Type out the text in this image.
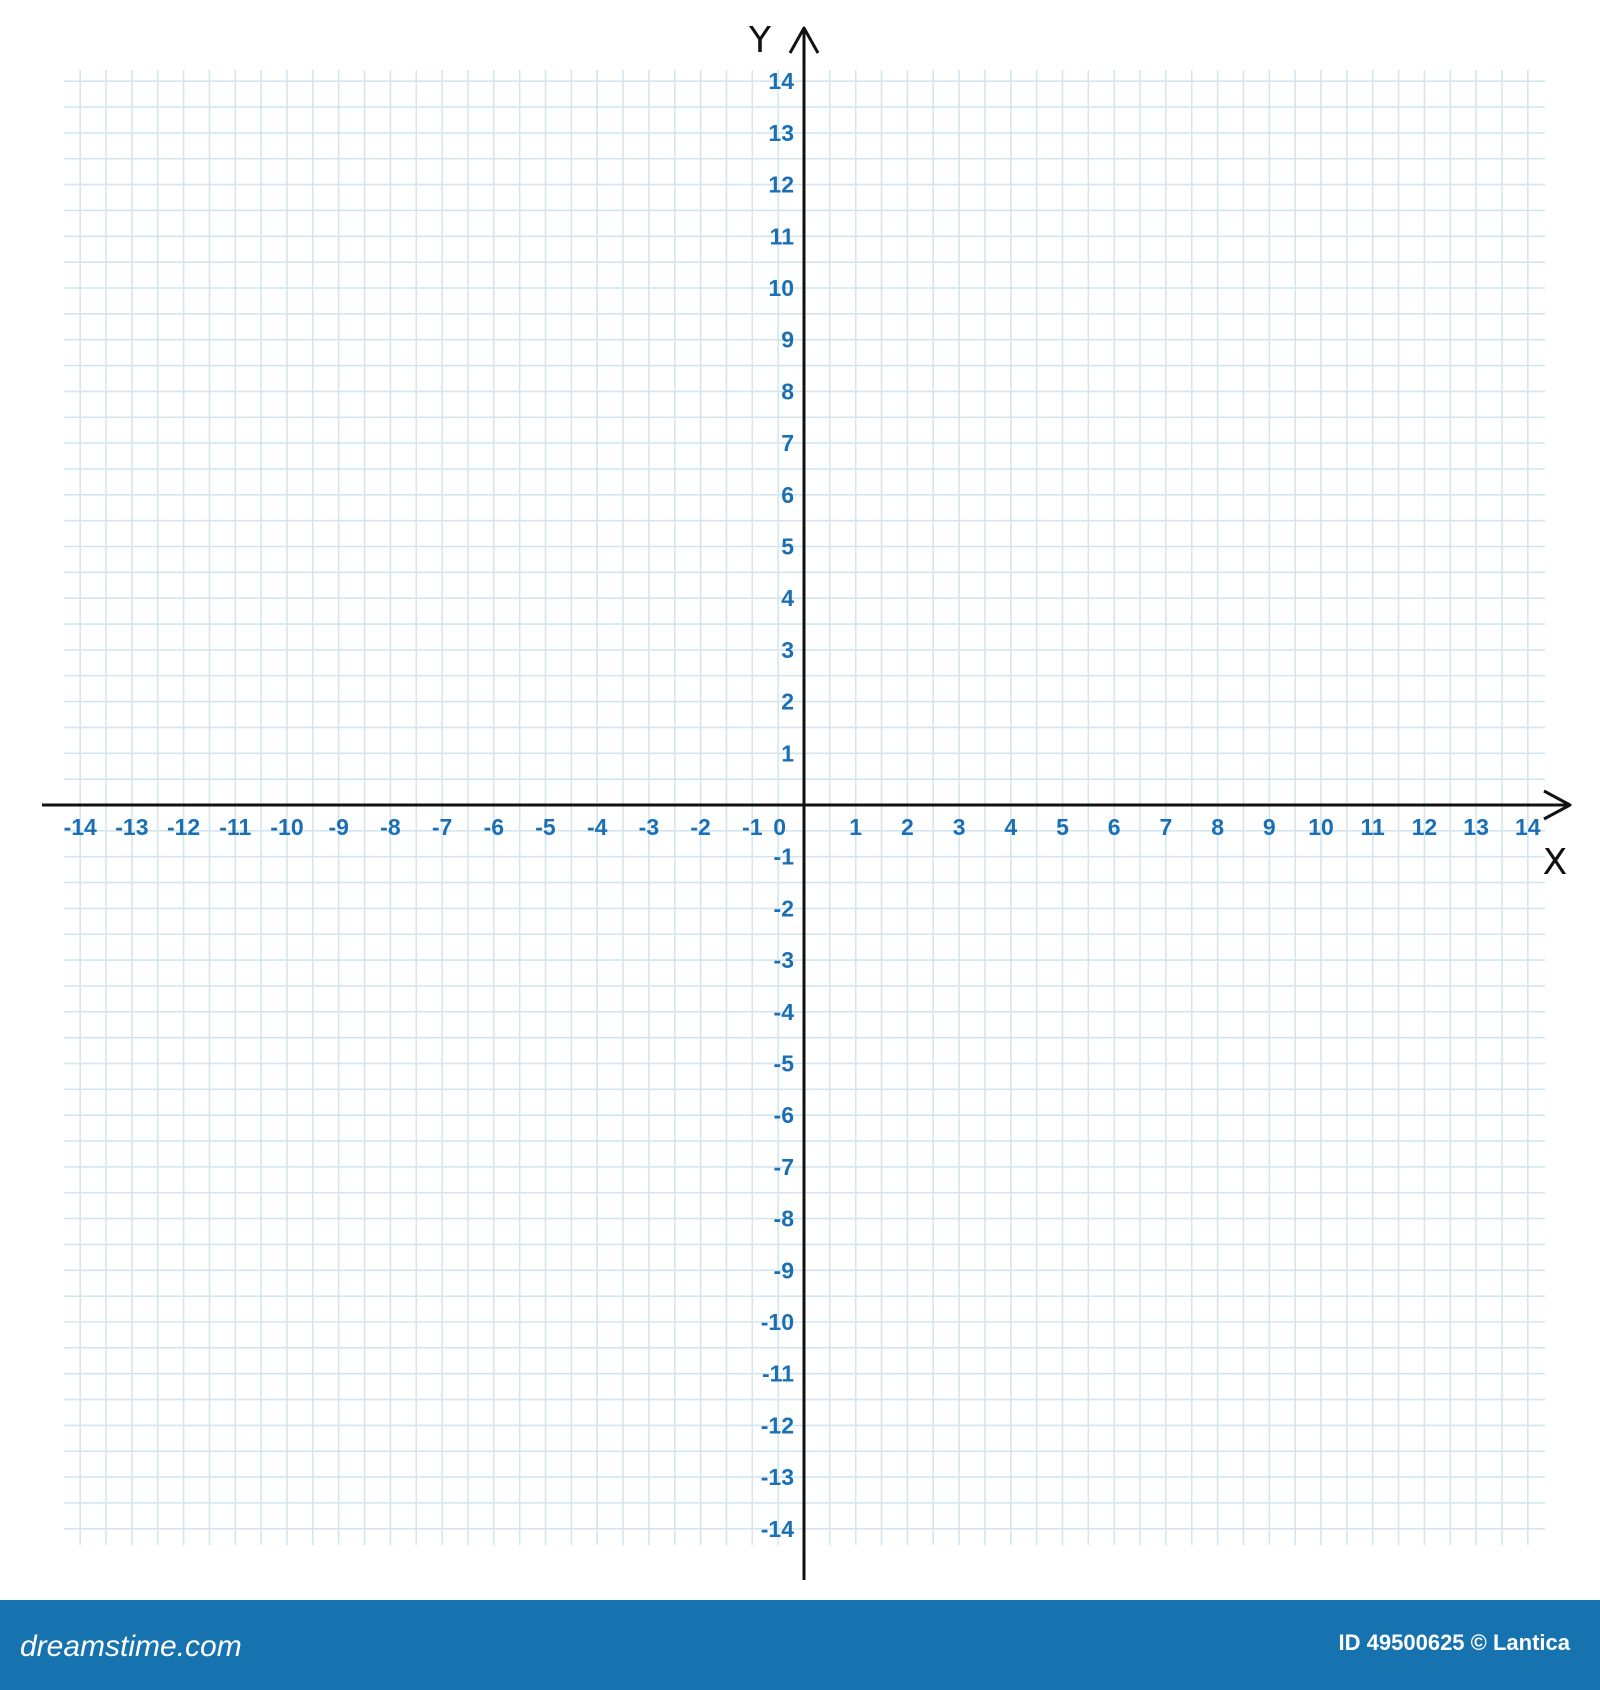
-14 -13 -12 -11 -10 -9 -8 -7 -6 -5 -4 -3 -2 -1 0	1 2 3 4 5 6 7 8 9 10 11 12 13 14
14
13
12
11
10
9
8
7
6
5
4
3
2
1
-1
-2
-3
-4
-5
-6
-7
-8
-9
-10
-11
-12
-13
-14
X
Y
dreamstime.com	ID 49500625 © Lantica
